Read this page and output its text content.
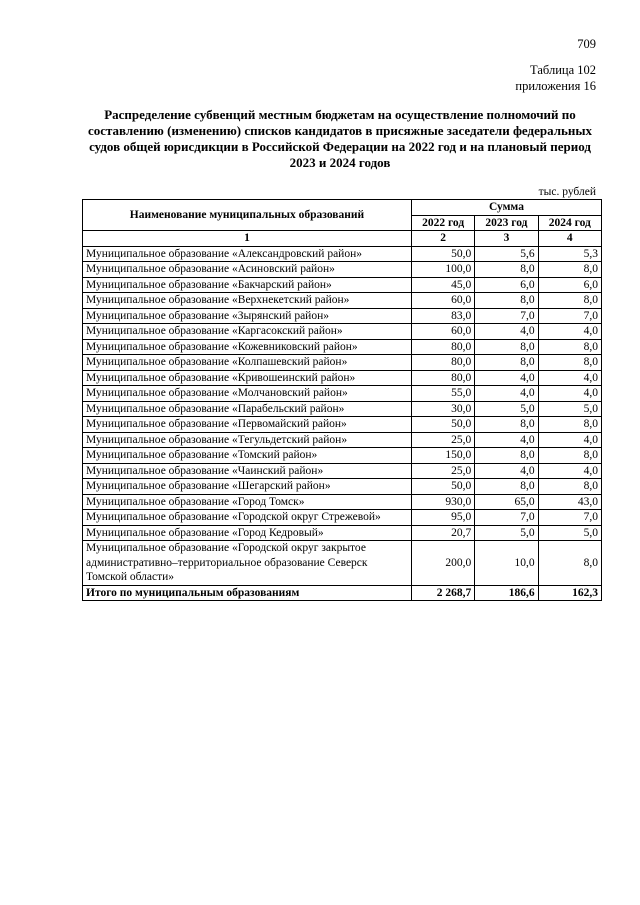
709
Таблица 102
приложения 16
Распределение субвенций местным бюджетам на осуществление полномочий по составлению (изменению) списков кандидатов в присяжные заседатели федеральных судов общей юрисдикции в Российской Федерации на 2022 год и на плановый период 2023 и 2024 годов
тыс. рублей
Наименование муниципальных образований	Сумма		
	2022 год	2023 год	2024 год
1	2	3	4
Муниципальное образование «Александровский район»	50,0	5,6	5,3
Муниципальное образование «Асиновский район»	100,0	8,0	8,0
Муниципальное образование «Бакчарский район»	45,0	6,0	6,0
Муниципальное образование «Верхнекетский район»	60,0	8,0	8,0
Муниципальное образование «Зырянский район»	83,0	7,0	7,0
Муниципальное образование «Каргасокский район»	60,0	4,0	4,0
Муниципальное образование «Кожевниковский район»	80,0	8,0	8,0
Муниципальное образование «Колпашевский район»	80,0	8,0	8,0
Муниципальное образование «Кривошеинский район»	80,0	4,0	4,0
Муниципальное образование «Молчановский район»	55,0	4,0	4,0
Муниципальное образование «Парабельский район»	30,0	5,0	5,0
Муниципальное образование «Первомайский район»	50,0	8,0	8,0
Муниципальное образование «Тегульдетский район»	25,0	4,0	4,0
Муниципальное образование «Томский район»	150,0	8,0	8,0
Муниципальное образование «Чаинский район»	25,0	4,0	4,0
Муниципальное образование «Шегарский район»	50,0	8,0	8,0
Муниципальное образование «Город Томск»	930,0	65,0	43,0
Муниципальное образование «Городской округ Стрежевой»	95,0	7,0	7,0
Муниципальное образование «Город Кедровый»	20,7	5,0	5,0
Муниципальное образование «Городской округ закрытое административно–территориальное образование Северск Томской области»	200,0	10,0	8,0
Итого по муниципальным образованиям	2 268,7	186,6	162,3
